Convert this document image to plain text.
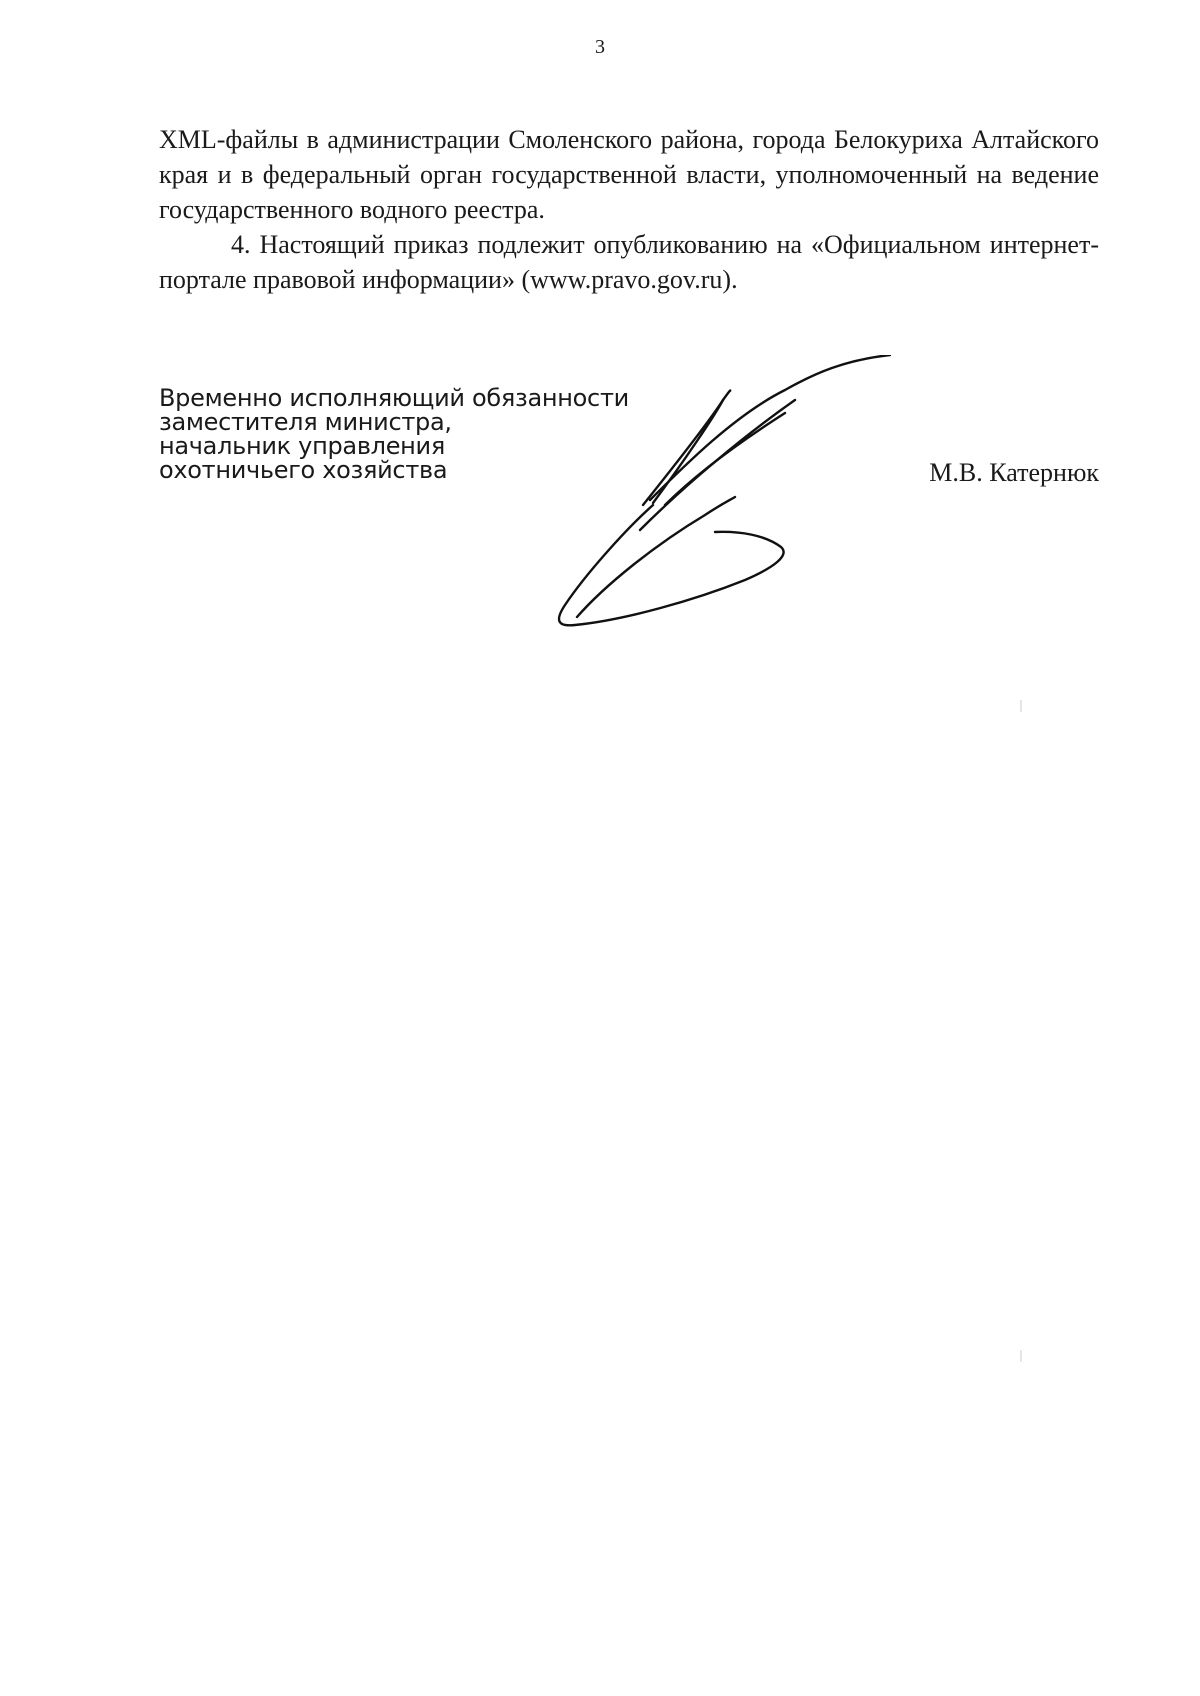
3

XML-файлы в администрации Смоленского района, города Белокуриха Алтайского края и в федеральный орган государственной власти, уполномоченный на ведение государственного водного реестра.

4. Настоящий приказ подлежит опубликованию на «Официальном интернет-портале правовой информации» (www.pravo.gov.ru).

Временно исполняющий обязанности
заместителя министра,
начальник управления
охотничьего хозяйства	М.В. Катернюк
